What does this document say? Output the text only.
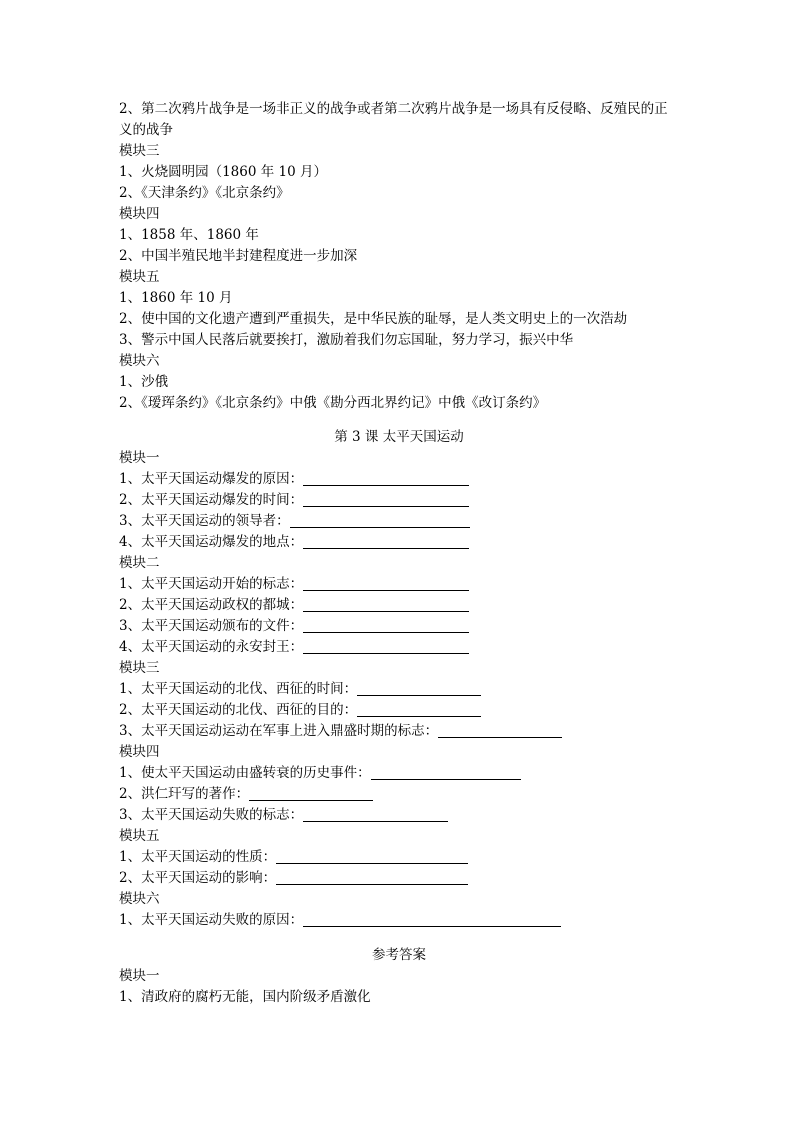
2、第二次鸦片战争是一场非正义的战争或者第二次鸦片战争是一场具有反侵略、反殖民的正义的战争
模块三
1、火烧圆明园（1860 年 10 月）
2、《天津条约》《北京条约》
模块四
1、1858 年、1860 年
2、中国半殖民地半封建程度进一步加深
模块五
1、1860 年 10 月
2、使中国的文化遗产遭到严重损失，是中华民族的耻辱，是人类文明史上的一次浩劫
3、警示中国人民落后就要挨打，激励着我们勿忘国耻，努力学习，振兴中华
模块六
1、沙俄
2、《瑷珲条约》《北京条约》中俄《勘分西北界约记》中俄《改订条约》
第 3 课 太平天国运动
模块一
1、太平天国运动爆发的原因：
2、太平天国运动爆发的时间：
3、太平天国运动的领导者：
4、太平天国运动爆发的地点：
模块二
1、太平天国运动开始的标志：
2、太平天国运动政权的都城：
3、太平天国运动颁布的文件：
4、太平天国运动的永安封王：
模块三
1、太平天国运动的北伐、西征的时间：
2、太平天国运动的北伐、西征的目的：
3、太平天国运动运动在军事上进入鼎盛时期的标志：
模块四
1、使太平天国运动由盛转衰的历史事件：
2、洪仁玕写的著作：
3、太平天国运动失败的标志：
模块五
1、太平天国运动的性质：
2、太平天国运动的影响：
模块六
1、太平天国运动失败的原因：
参考答案
模块一
1、清政府的腐朽无能，国内阶级矛盾激化
